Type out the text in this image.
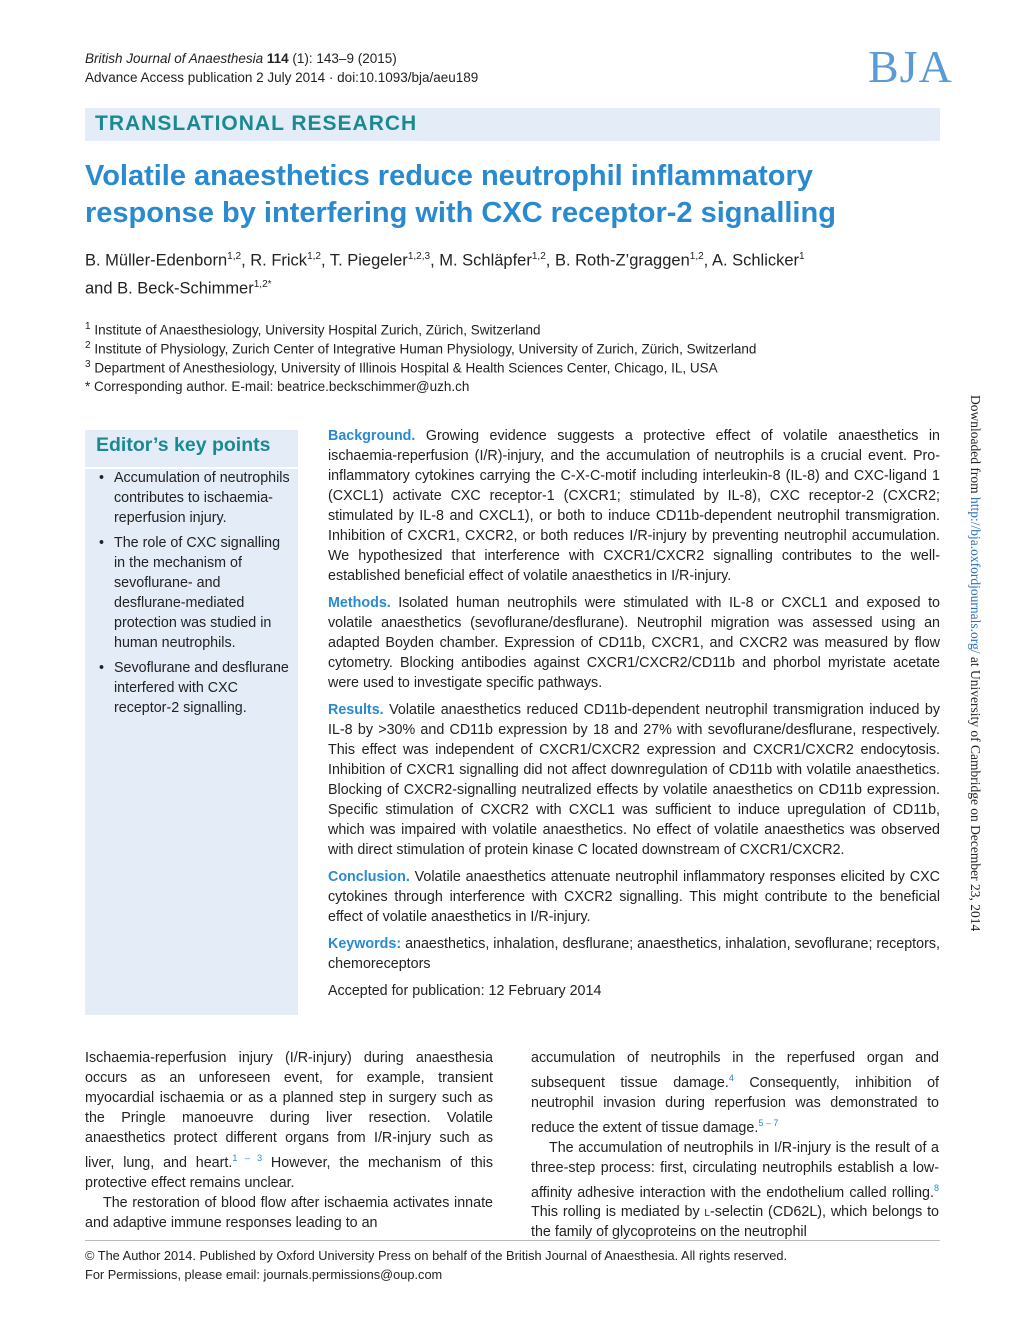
British Journal of Anaesthesia 114 (1): 143–9 (2015)
Advance Access publication 2 July 2014 · doi:10.1093/bja/aeu189	BJA
TRANSLATIONAL RESEARCH
Volatile anaesthetics reduce neutrophil inflammatory
response by interfering with CXC receptor-2 signalling
B. Müller-Edenborn$^{1,2}$, R. Frick$^{1,2}$, T. Piegeler$^{1,2,3}$, M. Schläpfer$^{1,2}$, B. Roth-Z’graggen$^{1,2}$, A. Schlicker$^1$
and B. Beck-Schimmer$^{1,2*}$
$^1$ Institute of Anaesthesiology, University Hospital Zurich, Zürich, Switzerland
$^2$ Institute of Physiology, Zurich Center of Integrative Human Physiology, University of Zurich, Zürich, Switzerland
$^3$ Department of Anesthesiology, University of Illinois Hospital & Health Sciences Center, Chicago, IL, USA
* Corresponding author. E-mail: beatrice.beckschimmer@uzh.ch
Editor’s key points
• Accumulation of neutrophils contributes to ischaemia-reperfusion injury.
• The role of CXC signalling in the mechanism of sevoflurane- and desflurane-mediated protection was studied in human neutrophils.
• Sevoflurane and desflurane interfered with CXC receptor-2 signalling.

Background. Growing evidence suggests a protective effect of volatile anaesthetics in ischaemia-reperfusion (I/R)-injury, and the accumulation of neutrophils is a crucial event. Pro-inflammatory cytokines carrying the C-X-C-motif including interleukin-8 (IL-8) and CXC-ligand 1 (CXCL1) activate CXC receptor-1 (CXCR1; stimulated by IL-8), CXC receptor-2 (CXCR2; stimulated by IL-8 and CXCL1), or both to induce CD11b-dependent neutrophil transmigration. Inhibition of CXCR1, CXCR2, or both reduces I/R-injury by preventing neutrophil accumulation. We hypothesized that interference with CXCR1/CXCR2 signalling contributes to the well-established beneficial effect of volatile anaesthetics in I/R-injury.

Methods. Isolated human neutrophils were stimulated with IL-8 or CXCL1 and exposed to volatile anaesthetics (sevoflurane/desflurane). Neutrophil migration was assessed using an adapted Boyden chamber. Expression of CD11b, CXCR1, and CXCR2 was measured by flow cytometry. Blocking antibodies against CXCR1/CXCR2/CD11b and phorbol myristate acetate were used to investigate specific pathways.

Results. Volatile anaesthetics reduced CD11b-dependent neutrophil transmigration induced by IL-8 by >30% and CD11b expression by 18 and 27% with sevoflurane/desflurane, respectively. This effect was independent of CXCR1/CXCR2 expression and CXCR1/CXCR2 endocytosis. Inhibition of CXCR1 signalling did not affect downregulation of CD11b with volatile anaesthetics. Blocking of CXCR2-signalling neutralized effects by volatile anaesthetics on CD11b expression. Specific stimulation of CXCR2 with CXCL1 was sufficient to induce upregulation of CD11b, which was impaired with volatile anaesthetics. No effect of volatile anaesthetics was observed with direct stimulation of protein kinase C located downstream of CXCR1/CXCR2.

Conclusion. Volatile anaesthetics attenuate neutrophil inflammatory responses elicited by CXC cytokines through interference with CXCR2 signalling. This might contribute to the beneficial effect of volatile anaesthetics in I/R-injury.

Keywords: anaesthetics, inhalation, desflurane; anaesthetics, inhalation, sevoflurane; receptors, chemoreceptors

Accepted for publication: 12 February 2014

Ischaemia-reperfusion injury (I/R-injury) during anaesthesia occurs as an unforeseen event, for example, transient myocardial ischaemia or as a planned step in surgery such as the Pringle manoeuvre during liver resection. Volatile anaesthetics protect different organs from I/R-injury such as liver, lung, and heart.$^{1 - 3}$ However, the mechanism of this protective effect remains unclear.

The restoration of blood flow after ischaemia activates innate and adaptive immune responses leading to an

accumulation of neutrophils in the reperfused organ and subsequent tissue damage.$^4$ Consequently, inhibition of neutrophil invasion during reperfusion was demonstrated to reduce the extent of tissue damage.$^{5 - 7}$

The accumulation of neutrophils in I/R-injury is the result of a three-step process: first, circulating neutrophils establish a low-affinity adhesive interaction with the endothelium called rolling.$^8$ This rolling is mediated by l-selectin (CD62L), which belongs to the family of glycoproteins on the neutrophil

© The Author 2014. Published by Oxford University Press on behalf of the British Journal of Anaesthesia. All rights reserved.
For Permissions, please email: journals.permissions@oup.com
Downloaded from http://bja.oxfordjournals.org/ at University of Cambridge on December 23, 2014
